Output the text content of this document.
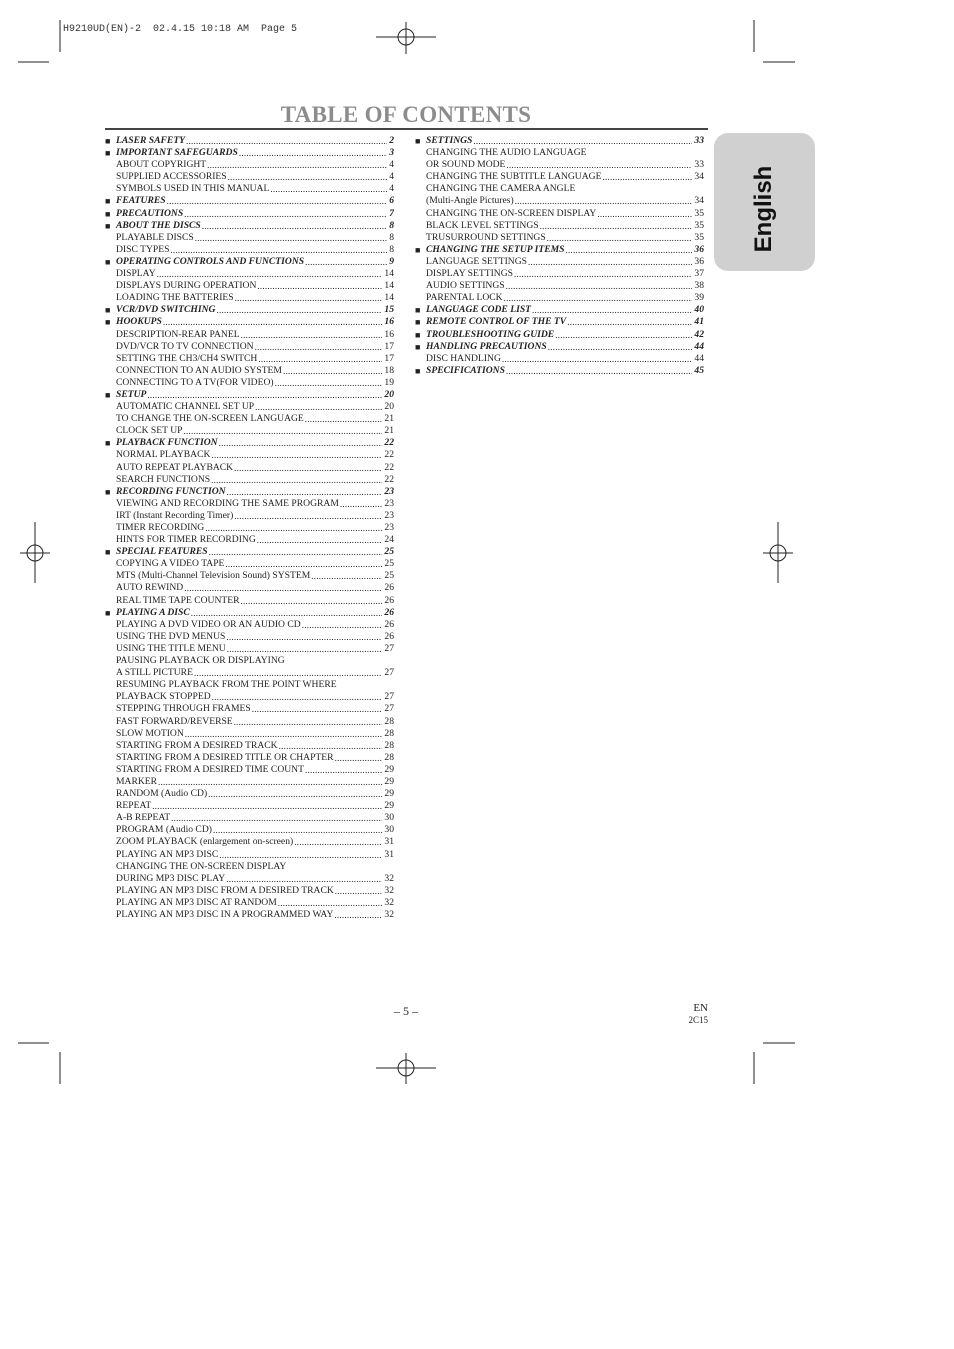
H9210UD(EN)-2  02.4.15 10:18 AM  Page 5
TABLE OF CONTENTS
English
■ LASER SAFETY . . .	2
■ IMPORTANT SAFEGUARDS . . .	3
ABOUT COPYRIGHT . . .	4
SUPPLIED ACCESSORIES . . .	4
SYMBOLS USED IN THIS MANUAL . . .	4
■ FEATURES . . .	6
■ PRECAUTIONS . . .	7
■ ABOUT THE DISCS . . .	8
PLAYABLE DISCS . . .	8
DISC TYPES . . .	8
■ OPERATING CONTROLS AND FUNCTIONS . . .	9
DISPLAY . . .	14
DISPLAYS DURING OPERATION . . .	14
LOADING THE BATTERIES . . .	14
■ VCR/DVD SWITCHING . . .	15
■ HOOKUPS . . .	16
DESCRIPTION-REAR PANEL . . .	16
DVD/VCR TO TV CONNECTION . . .	17
SETTING THE CH3/CH4 SWITCH . . .	17
CONNECTION TO AN AUDIO SYSTEM . . .	18
CONNECTING TO A TV(FOR VIDEO) . . .	19
■ SETUP . . .	20
AUTOMATIC CHANNEL SET UP . . .	20
TO CHANGE THE ON-SCREEN LANGUAGE . . .	21
CLOCK SET UP . . .	21
■ PLAYBACK FUNCTION . . .	22
NORMAL PLAYBACK . . .	22
AUTO REPEAT PLAYBACK . . .	22
SEARCH FUNCTIONS . . .	22
■ RECORDING FUNCTION . . .	23
VIEWING AND RECORDING THE SAME PROGRAM . . .	23
IRT (Instant Recording Timer) . . .	23
TIMER RECORDING . . .	23
HINTS FOR TIMER RECORDING . . .	24
■ SPECIAL FEATURES . . .	25
COPYING A VIDEO TAPE . . .	25
MTS (Multi-Channel Television Sound) SYSTEM . . .	25
AUTO REWIND . . .	26
REAL TIME TAPE COUNTER . . .	26
■ PLAYING A DISC . . .	26
PLAYING A DVD VIDEO OR AN AUDIO CD . . .	26
USING THE DVD MENUS . . .	26
USING THE TITLE MENU . . .	27
PAUSING PLAYBACK OR DISPLAYING
A STILL PICTURE . . .	27
RESUMING PLAYBACK FROM THE POINT WHERE
PLAYBACK STOPPED . . .	27
STEPPING THROUGH FRAMES . . .	27
FAST FORWARD/REVERSE . . .	28
SLOW MOTION . . .	28
STARTING FROM A DESIRED TRACK . . .	28
STARTING FROM A DESIRED TITLE OR CHAPTER . . .	28
STARTING FROM A DESIRED TIME COUNT . . .	29
MARKER . . .	29
RANDOM (Audio CD) . . .	29
REPEAT . . .	29
A-B REPEAT . . .	30
PROGRAM (Audio CD) . . .	30
ZOOM PLAYBACK (enlargement on-screen) . . .	31
PLAYING AN MP3 DISC . . .	31
CHANGING THE ON-SCREEN DISPLAY
DURING MP3 DISC PLAY . . .	32
PLAYING AN MP3 DISC FROM A DESIRED TRACK . . .	32
PLAYING AN MP3 DISC AT RANDOM . . .	32
PLAYING AN MP3 DISC IN A PROGRAMMED WAY . . .	32
■ SETTINGS . . .	33
CHANGING THE AUDIO LANGUAGE
OR SOUND MODE . . .	33
CHANGING THE SUBTITLE LANGUAGE . . .	34
CHANGING THE CAMERA ANGLE
(Multi-Angle Pictures) . . .	34
CHANGING THE ON-SCREEN DISPLAY . . .	35
BLACK LEVEL SETTINGS . . .	35
TRUSURROUND SETTINGS . . .	35
■ CHANGING THE SETUP ITEMS . . .	36
LANGUAGE SETTINGS . . .	36
DISPLAY SETTINGS . . .	37
AUDIO SETTINGS . . .	38
PARENTAL LOCK . . .	39
■ LANGUAGE CODE LIST . . .	40
■ REMOTE CONTROL OF THE TV . . .	41
■ TROUBLESHOOTING GUIDE . . .	42
■ HANDLING PRECAUTIONS . . .	44
DISC HANDLING . . .	44
■ SPECIFICATIONS . . .	45
– 5 –	EN
2C15
